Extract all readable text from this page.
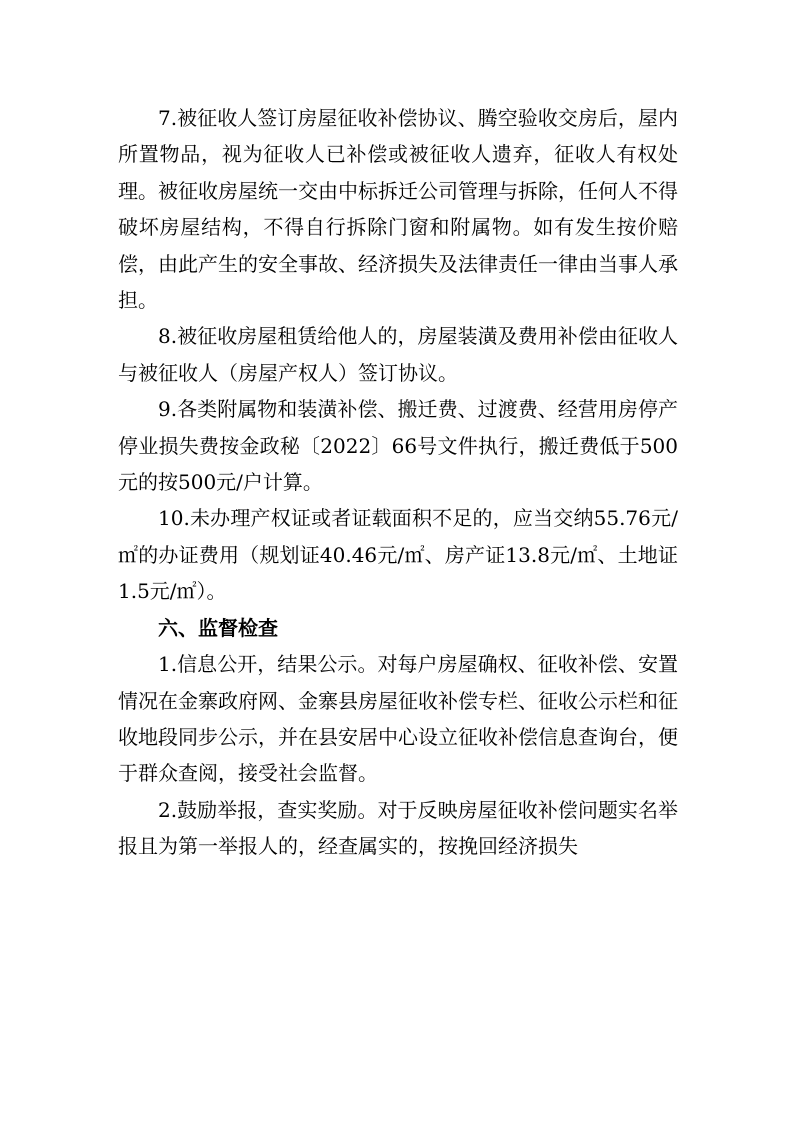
7.被征收人签订房屋征收补偿协议、腾空验收交房后，屋内所置物品，视为征收人已补偿或被征收人遗弃，征收人有权处理。被征收房屋统一交由中标拆迁公司管理与拆除，任何人不得破坏房屋结构，不得自行拆除门窗和附属物。如有发生按价赔偿，由此产生的安全事故、经济损失及法律责任一律由当事人承担。

8.被征收房屋租赁给他人的，房屋装潢及费用补偿由征收人与被征收人（房屋产权人）签订协议。

9.各类附属物和装潢补偿、搬迁费、过渡费、经营用房停产停业损失费按金政秘〔2022〕66号文件执行，搬迁费低于500元的按500元/户计算。

10.未办理产权证或者证载面积不足的，应当交纳55.76元/㎡的办证费用（规划证40.46元/㎡、房产证13.8元/㎡、土地证1.5元/㎡）。

六、监督检查

1.信息公开，结果公示。对每户房屋确权、征收补偿、安置情况在金寨政府网、金寨县房屋征收补偿专栏、征收公示栏和征收地段同步公示，并在县安居中心设立征收补偿信息查询台，便于群众查阅，接受社会监督。

2.鼓励举报，查实奖励。对于反映房屋征收补偿问题实名举报且为第一举报人的，经查属实的，按挽回经济损失
